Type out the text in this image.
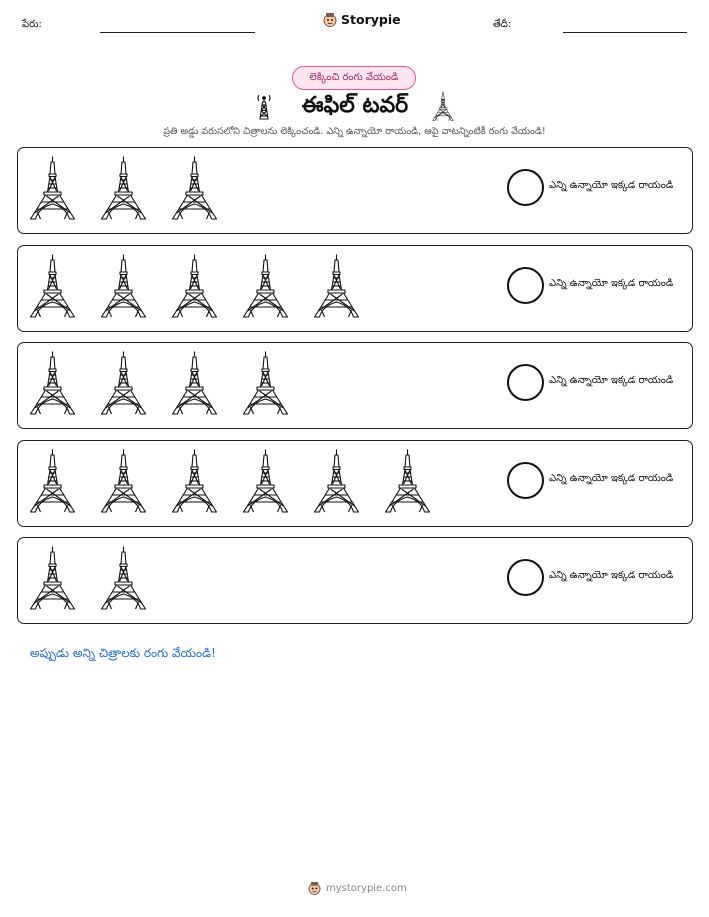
పేరు:	Storypie	తేదీ:
లెక్కించి రంగు వేయండి
ఈఫిల్ టవర్
ప్రతి అడ్డు వరుసలోని చిత్రాలను లెక్కించండి. ఎన్ని ఉన్నాయో రాయండి, ఆపై వాటన్నింటికీ రంగు వేయండి!
ఎన్ని ఉన్నాయో ఇక్కడ రాయండి
ఎన్ని ఉన్నాయో ఇక్కడ రాయండి
ఎన్ని ఉన్నాయో ఇక్కడ రాయండి
ఎన్ని ఉన్నాయో ఇక్కడ రాయండి
ఎన్ని ఉన్నాయో ఇక్కడ రాయండి
అప్పుడు అన్ని చిత్రాలకు రంగు వేయండి!
mystorypie.com
